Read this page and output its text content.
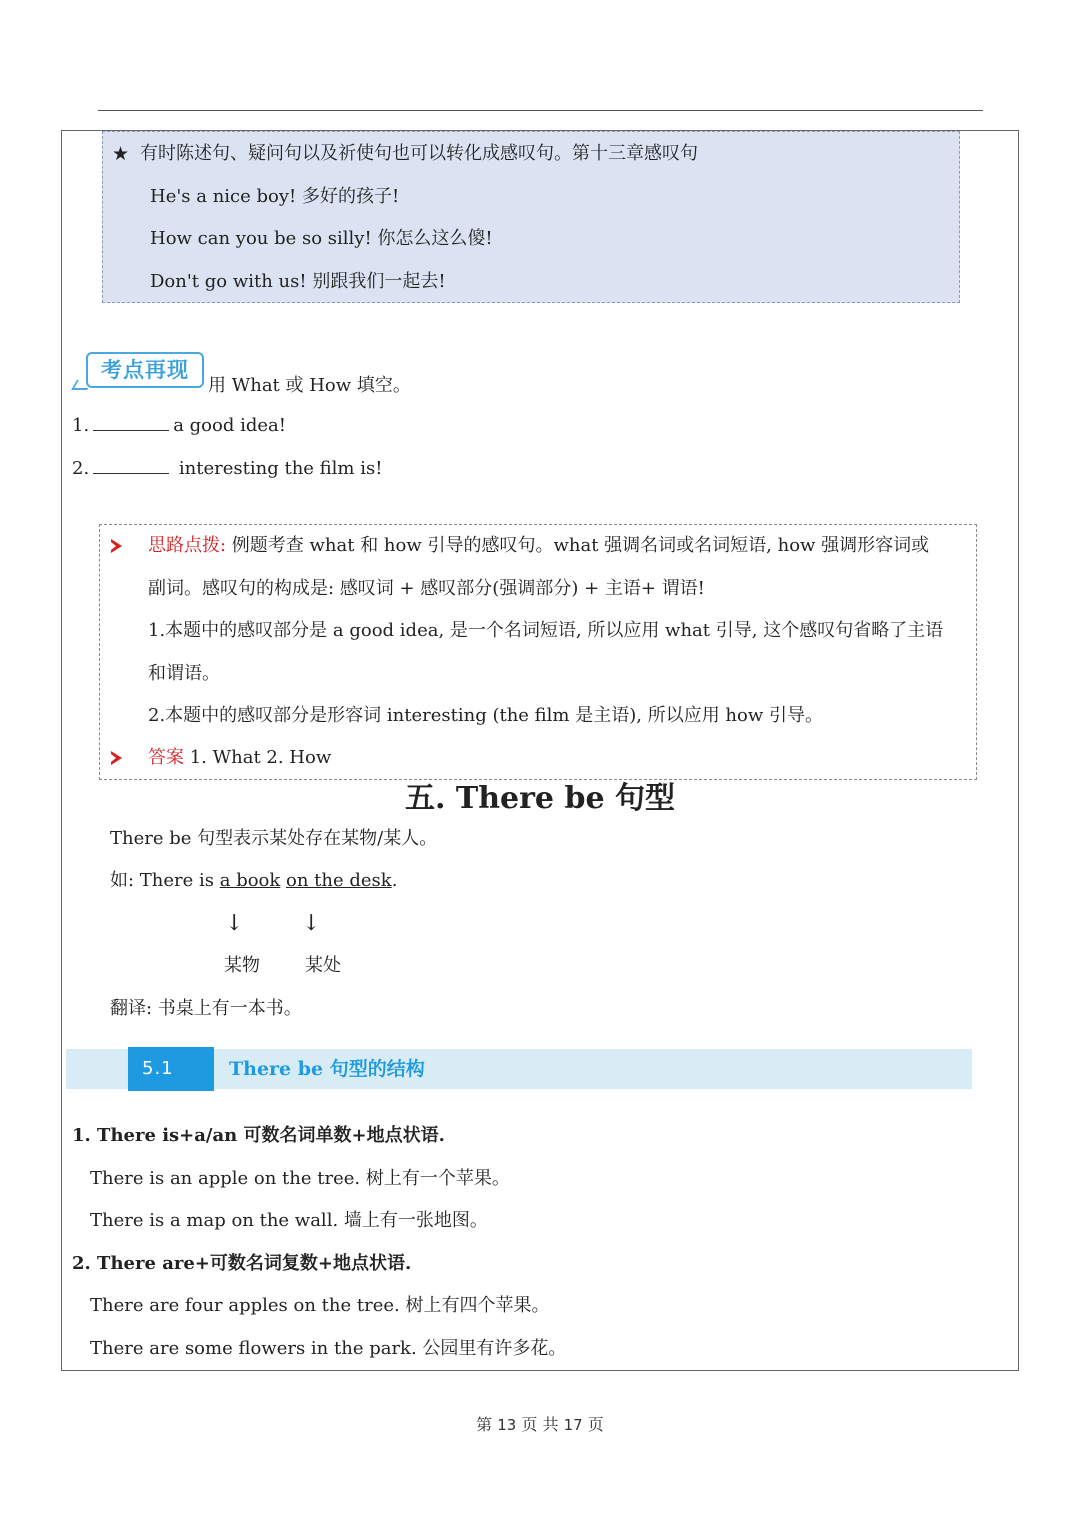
★ 有时陈述句、疑问句以及祈使句也可以转化成感叹句。第十三章感叹句
He's a nice boy! 多好的孩子!
How can you be so silly! 你怎么这么傻!
Don't go with us! 别跟我们一起去!
考点再现
用 What 或 How 填空。
1.	a good idea!
2.	interesting the film is!
思路点拨: 例题考查 what 和 how 引导的感叹句。what 强调名词或名词短语, how 强调形容词或
副词。感叹句的构成是: 感叹词 + 感叹部分(强调部分) + 主语+ 谓语!
1.本题中的感叹部分是 a good idea, 是一个名词短语, 所以应用 what 引导, 这个感叹句省略了主语
和谓语。
2.本题中的感叹部分是形容词 interesting (the film 是主语), 所以应用 how 引导。
答案 1. What 2. How
五. There be 句型
There be 句型表示某处存在某物/某人。
如: There is a book on the desk.
↓	↓
某物	某处
翻译: 书桌上有一本书。
5.1	There be 句型的结构
1. There is+a/an 可数名词单数+地点状语.
There is an apple on the tree. 树上有一个苹果。
There is a map on the wall. 墙上有一张地图。
2. There are+可数名词复数+地点状语.
There are four apples on the tree. 树上有四个苹果。
There are some flowers in the park. 公园里有许多花。
第 13 页 共 17 页
